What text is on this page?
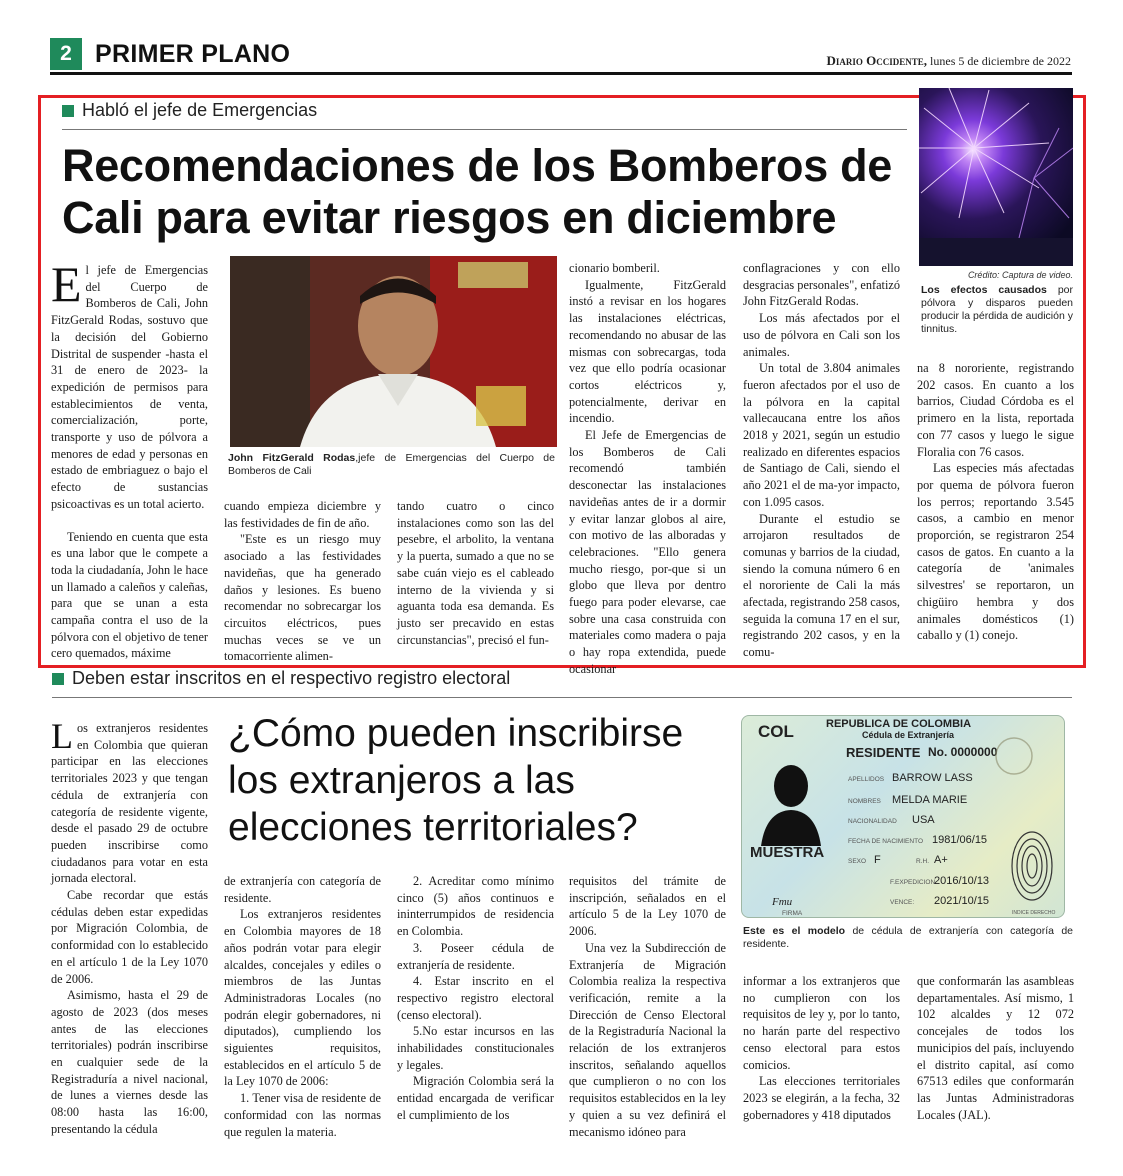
2 PRIMER PLANO	Diario Occidente, lunes 5 de diciembre de 2022
Habló el jefe de Emergencias
Recomendaciones de los Bomberos de Cali para evitar riesgos en diciembre

El jefe de Emergencias del Cuerpo de Bomberos de Cali, John FitzGerald Rodas, sostuvo que la decisión del Gobierno Distrital de suspender -hasta el 31 de enero de 2023- la expedición de permisos para establecimientos de venta, comercialización, porte, transporte y uso de pólvora a menores de edad y personas en estado de embriaguez o bajo el efecto de sustancias psicoactivas es un total acierto.

Teniendo en cuenta que esta es una labor que le compete a toda la ciudadanía, John le hace un llamado a caleños y caleñas, para que se unan a esta campaña contra el uso de la pólvora con el objetivo de tener cero quemados, máxime

John FitzGerald Rodas,jefe de Emergencias del Cuerpo de Bomberos de Cali

cuando empieza diciembre y las festividades de fin de año.

"Este es un riesgo muy asociado a las festividades navideñas, que ha generado daños y lesiones. Es bueno recomendar no sobrecargar los circuitos eléctricos, pues muchas veces se ve un tomacorriente alimen-

tando cuatro o cinco instalaciones como son las del pesebre, el arbolito, la ventana y la puerta, sumado a que no se sabe cuán viejo es el cableado interno de la vivienda y si aguanta toda esa demanda. Es justo ser precavido en estas circunstancias", precisó el fun-

cionario bomberil.

Igualmente, FitzGerald instó a revisar en los hogares las instalaciones eléctricas, recomendando no abusar de las mismas con sobrecargas, toda vez que ello podría ocasionar cortos eléctricos y, potencialmente, derivar en incendio.

El Jefe de Emergencias de los Bomberos de Cali recomendó también desconectar las instalaciones navideñas antes de ir a dormir y evitar lanzar globos al aire, con motivo de las alboradas y celebraciones. "Ello genera mucho riesgo, por-que si un globo que lleva por dentro fuego para poder elevarse, cae sobre una casa construida con materiales como madera o paja o hay ropa extendida, puede ocasionar

conflagraciones y con ello desgracias personales", enfatizó John FitzGerald Rodas.

Los más afectados por el uso de pólvora en Cali son los animales.

Un total de 3.804 animales fueron afectados por el uso de la pólvora en la capital vallecaucana entre los años 2018 y 2021, según un estudio realizado en diferentes espacios de Santiago de Cali, siendo el año 2021 el de ma-yor impacto, con 1.095 casos.

Durante el estudio se arrojaron resultados de comunas y barrios de la ciudad, siendo la comuna número 6 en el nororiente de Cali la más afectada, registrando 258 casos, seguida la comuna 17 en el sur, registrando 202 casos, y en la comu-

Crédito: Captura de video.
Los efectos causados por pólvora y disparos pueden producir la pérdida de audición y tinnitus.

na 8 nororiente, registrando 202 casos. En cuanto a los barrios, Ciudad Córdoba es el primero en la lista, reportada con 77 casos y luego le sigue Floralia con 76 casos.

Las especies más afectadas por quema de pólvora fueron los perros; reportando 3.545 casos, a cambio en menor proporción, se registraron 254 casos de gatos. En cuanto a la categoría de 'animales silvestres' se reportaron, un chigüiro hembra y dos animales domésticos (1) caballo y (1) conejo.

Deben estar inscritos en el respectivo registro electoral

Los extranjeros residentes en Colombia que quieran participar en las elecciones territoriales 2023 y que tengan cédula de extranjería con categoría de residente vigente, desde el pasado 29 de octubre pueden inscribirse como ciudadanos para votar en esta jornada electoral.

Cabe recordar que estás cédulas deben estar expedidas por Migración Colombia, de conformidad con lo establecido en el artículo 1 de la Ley 1070 de 2006.

Asimismo, hasta el 29 de agosto de 2023 (dos meses antes de las elecciones territoriales) podrán inscribirse en cualquier sede de la Registraduría a nivel nacional, de lunes a viernes desde las 08:00 hasta las 16:00, presentando la cédula

¿Cómo pueden inscribirse los extranjeros a las elecciones territoriales?

de extranjería con categoría de residente.

Los extranjeros residentes en Colombia mayores de 18 años podrán votar para elegir alcaldes, concejales y ediles o miembros de las Juntas Administradoras Locales (no podrán elegir gobernadores, ni diputados), cumpliendo los siguientes requisitos, establecidos en el artículo 5 de la Ley 1070 de 2006:

1. Tener visa de residente de conformidad con las normas que regulen la materia.

2. Acreditar como mínimo cinco (5) años continuos e ininterrumpidos de residencia en Colombia.

3. Poseer cédula de extranjería de residente.

4. Estar inscrito en el respectivo registro electoral (censo electoral).

5.No estar incursos en las inhabilidades constitucionales y legales.

Migración Colombia será la entidad encargada de verificar el cumplimiento de los

requisitos del trámite de inscripción, señalados en el artículo 5 de la Ley 1070 de 2006.

Una vez la Subdirección de Extranjería de Migración Colombia realiza la respectiva verificación, remite a la Dirección de Censo Electoral de la Registraduría Nacional la relación de los extranjeros inscritos, señalando aquellos que cumplieron o no con los requisitos establecidos en la ley y quien a su vez definirá el mecanismo idóneo para

COL	REPUBLICA DE COLOMBIA
Cédula de Extranjería
RESIDENTE No. 0000000
MUESTRA
APELLIDOS BARROW LASS
NOMBRES MELDA MARIE
NACIONALIDAD USA
FECHA DE NACIMIENTO 1981/06/15
SEXO F	R.H. A+
F.EXPEDICION
2016/10/13
VENCE: 2021/10/15
Fmu
FIRMA	INDICE DERECHO
Este es el modelo de cédula de extranjería con categoría de residente.

informar a los extranjeros que no cumplieron con los requisitos de ley y, por lo tanto, no harán parte del respectivo censo electoral para estos comicios.

Las elecciones territoriales 2023 se elegirán, a la fecha, 32 gobernadores y 418 diputados

que conformarán las asambleas departamentales. Así mismo, 1 102 alcaldes y 12 072 concejales de todos los municipios del país, incluyendo el distrito capital, así como 67513 ediles que conformarán las Juntas Administradoras Locales (JAL).
